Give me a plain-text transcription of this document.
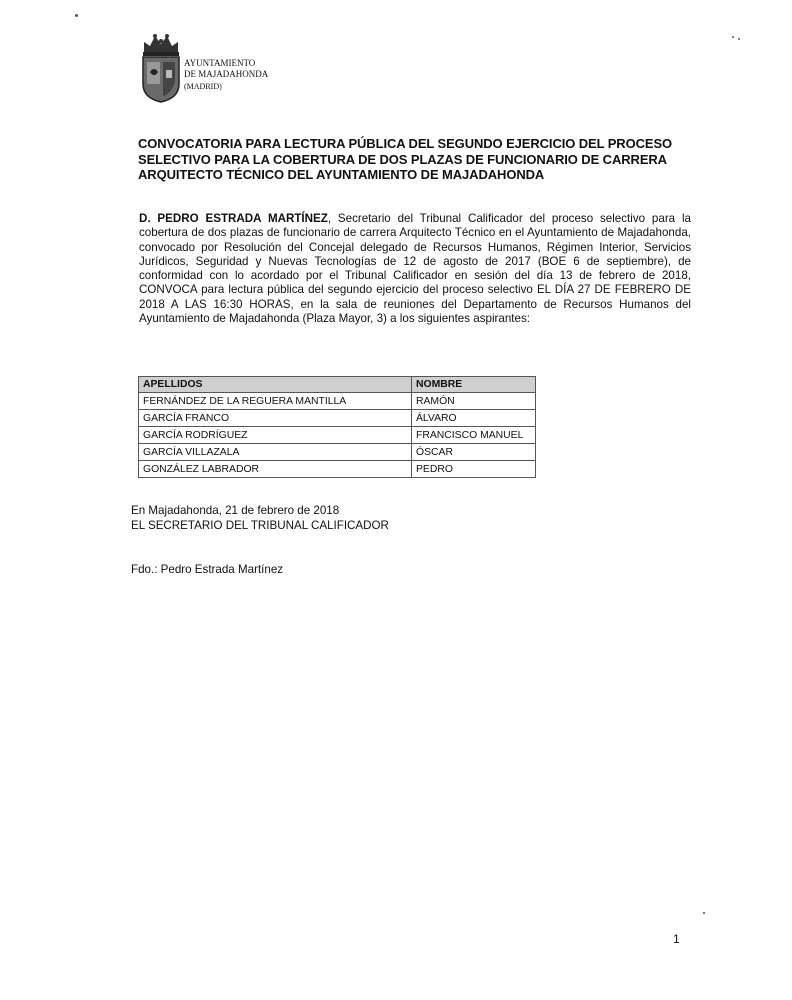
AYUNTAMIENTO
DE MAJADAHONDA
(MADRID)
CONVOCATORIA PARA LECTURA PÚBLICA DEL SEGUNDO EJERCICIO DEL PROCESO SELECTIVO PARA LA COBERTURA DE DOS PLAZAS DE FUNCIONARIO DE CARRERA ARQUITECTO TÉCNICO DEL AYUNTAMIENTO DE MAJADAHONDA
D. PEDRO ESTRADA MARTÍNEZ, Secretario del Tribunal Calificador del proceso selectivo para la cobertura de dos plazas de funcionario de carrera Arquitecto Técnico en el Ayuntamiento de Majadahonda, convocado por Resolución del Concejal delegado de Recursos Humanos, Régimen Interior, Servicios Jurídicos, Seguridad y Nuevas Tecnologías de 12 de agosto de 2017 (BOE 6 de septiembre), de conformidad con lo acordado por el Tribunal Calificador en sesión del día 13 de febrero de 2018, CONVOCA para lectura pública del segundo ejercicio del proceso selectivo EL DÍA 27 DE FEBRERO DE 2018 A LAS 16:30 HORAS, en la sala de reuniones del Departamento de Recursos Humanos del Ayuntamiento de Majadahonda (Plaza Mayor, 3) a los siguientes aspirantes:
APELLIDOS	NOMBRE
FERNÁNDEZ DE LA REGUERA MANTILLA	RAMÓN
GARCÍA FRANCO	ÁLVARO
GARCÍA RODRÍGUEZ	FRANCISCO MANUEL
GARCÍA VILLAZALA	ÓSCAR
GONZÁLEZ LABRADOR	PEDRO
En Majadahonda, 21 de febrero de 2018
EL SECRETARIO DEL TRIBUNAL CALIFICADOR
Fdo.: Pedro Estrada Martínez
1
